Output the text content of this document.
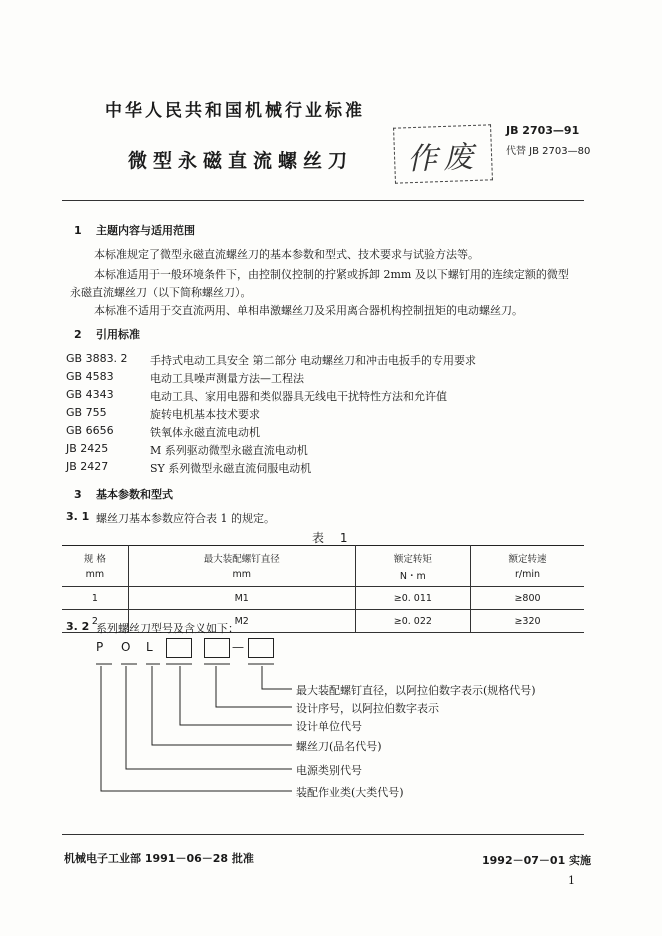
中华人民共和国机械行业标准
微型永磁直流螺丝刀 作废
JB 2703—91
代替 JB 2703—80
1 主题内容与适用范围
本标准规定了微型永磁直流螺丝刀的基本参数和型式、技术要求与试验方法等。
本标准适用于一般环境条件下，由控制仪控制的拧紧或拆卸 2mm 及以下螺钉用的连续定额的微型
永磁直流螺丝刀（以下简称螺丝刀）。
本标准不适用于交直流两用、单相串激螺丝刀及采用离合器机构控制扭矩的电动螺丝刀。
2 引用标准
GB 3883. 2 手持式电动工具安全 第二部分 电动螺丝刀和冲击电扳手的专用要求
GB 4583	电动工具噪声测量方法—工程法
GB 4343	电动工具、家用电器和类似器具无线电干扰特性方法和允许值
GB 755	旋转电机基本技术要求
GB 6656	铁氧体永磁直流电动机
JB 2425	M 系列驱动微型永磁直流电动机
JB 2427	SY 系列微型永磁直流伺服电动机
3 基本参数和型式
3. 1 螺丝刀基本参数应符合表 1 的规定。
表 1
规 格	最大装配螺钉直径	额定转矩	额定转速
mm	mm	N・m	r/min
1	M1	≥0. 011	≥800
2	M2	≥0. 022	≥320
3. 2 系列螺丝刀型号及含义如下：
P O L	—
最大装配螺钉直径，以阿拉伯数字表示(规格代号)
设计序号，以阿拉伯数字表示
设计单位代号
螺丝刀(品名代号)
电源类别代号
装配作业类(大类代号)
机械电子工业部 1991－06－28 批准	1992－07－01 实施
1
